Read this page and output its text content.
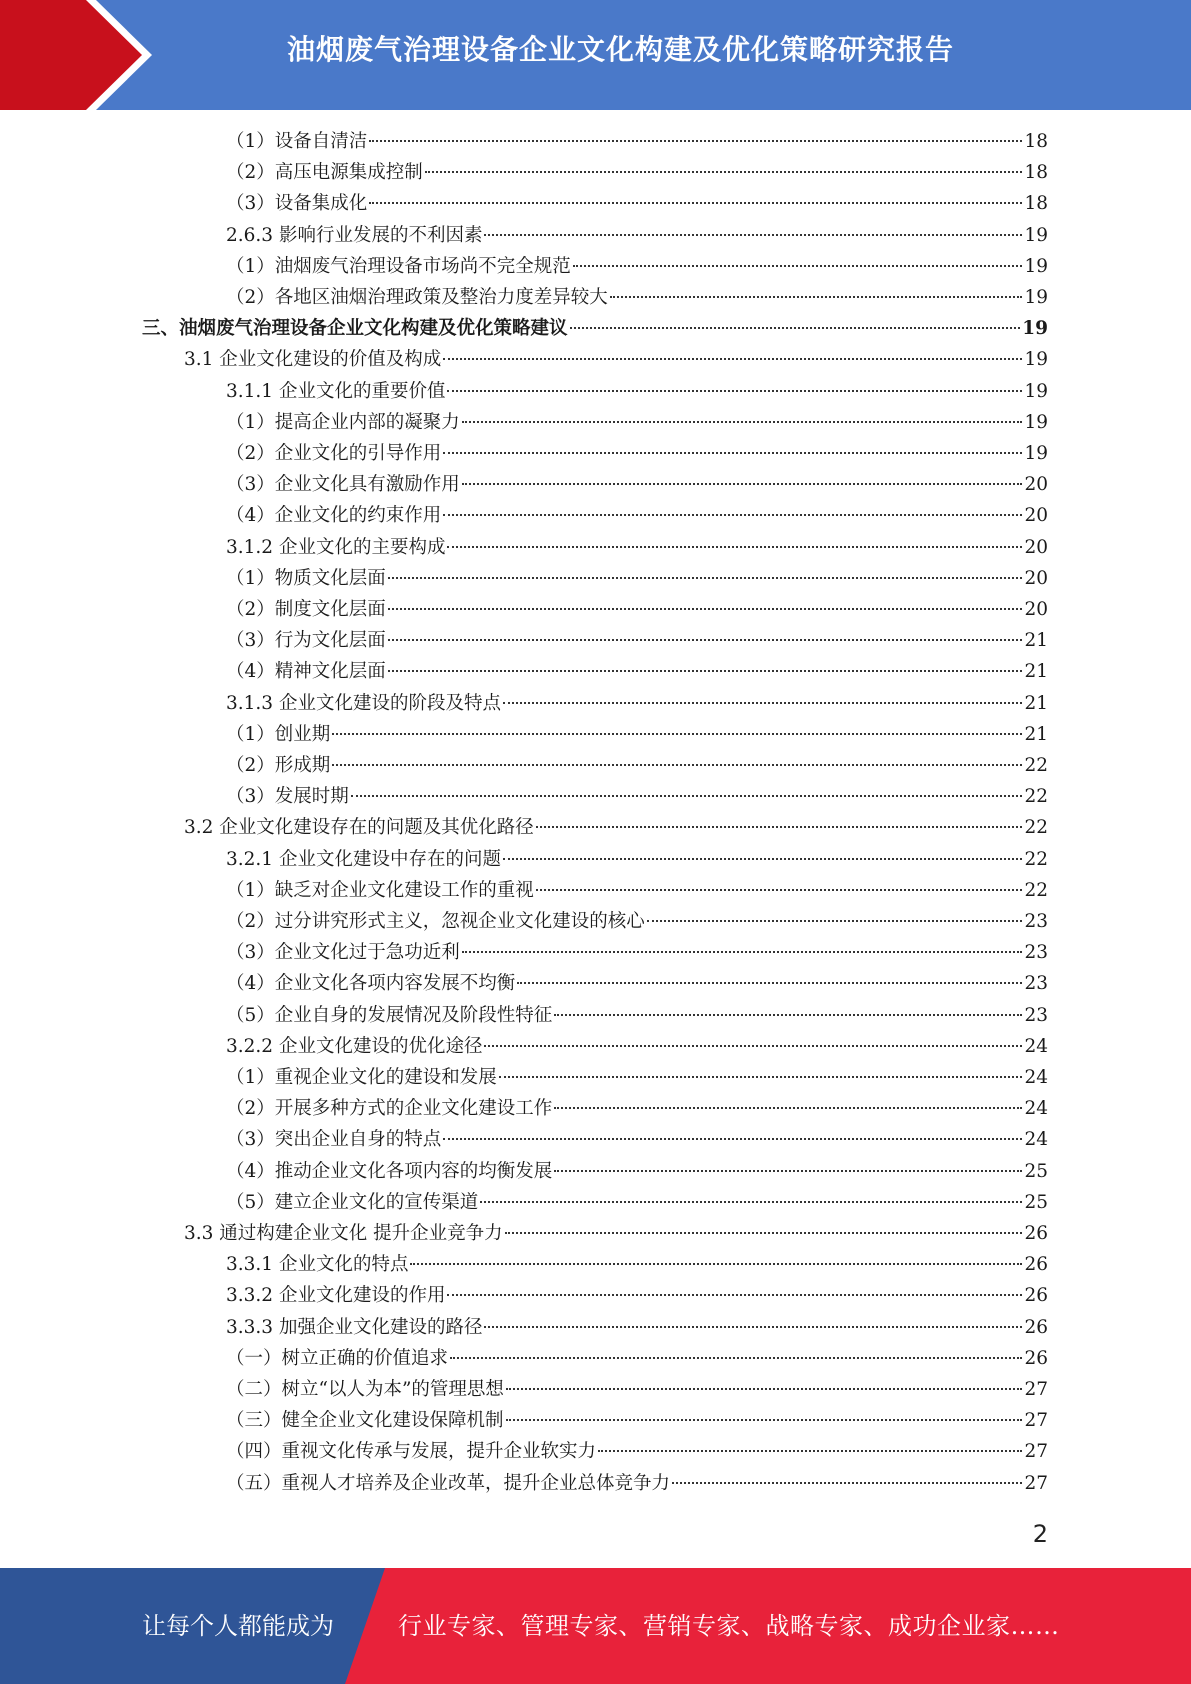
油烟废气治理设备企业文化构建及优化策略研究报告
（1）设备自清洁	18
（2）高压电源集成控制	18
（3）设备集成化	18
2.6.3 影响行业发展的不利因素	19
（1）油烟废气治理设备市场尚不完全规范	19
（2）各地区油烟治理政策及整治力度差异较大	19
三、油烟废气治理设备企业文化构建及优化策略建议	19
3.1 企业文化建设的价值及构成	19
3.1.1 企业文化的重要价值	19
（1）提高企业内部的凝聚力	19
（2）企业文化的引导作用	19
（3）企业文化具有激励作用	20
（4）企业文化的约束作用	20
3.1.2 企业文化的主要构成	20
（1）物质文化层面	20
（2）制度文化层面	20
（3）行为文化层面	21
（4）精神文化层面	21
3.1.3 企业文化建设的阶段及特点	21
（1）创业期	21
（2）形成期	22
（3）发展时期	22
3.2 企业文化建设存在的问题及其优化路径	22
3.2.1 企业文化建设中存在的问题	22
（1）缺乏对企业文化建设工作的重视	22
（2）过分讲究形式主义，忽视企业文化建设的核心	23
（3）企业文化过于急功近利	23
（4）企业文化各项内容发展不均衡	23
（5）企业自身的发展情况及阶段性特征	23
3.2.2 企业文化建设的优化途径	24
（1）重视企业文化的建设和发展	24
（2）开展多种方式的企业文化建设工作	24
（3）突出企业自身的特点	24
（4）推动企业文化各项内容的均衡发展	25
（5）建立企业文化的宣传渠道	25
3.3 通过构建企业文化 提升企业竞争力	26
3.3.1 企业文化的特点	26
3.3.2 企业文化建设的作用	26
3.3.3 加强企业文化建设的路径	26
（一）树立正确的价值追求	26
（二）树立“以人为本”的管理思想	27
（三）健全企业文化建设保障机制	27
（四）重视文化传承与发展，提升企业软实力	27
（五）重视人才培养及企业改革，提升企业总体竞争力	27
2
让每个人都能成为	行业专家、管理专家、营销专家、战略专家、成功企业家……
